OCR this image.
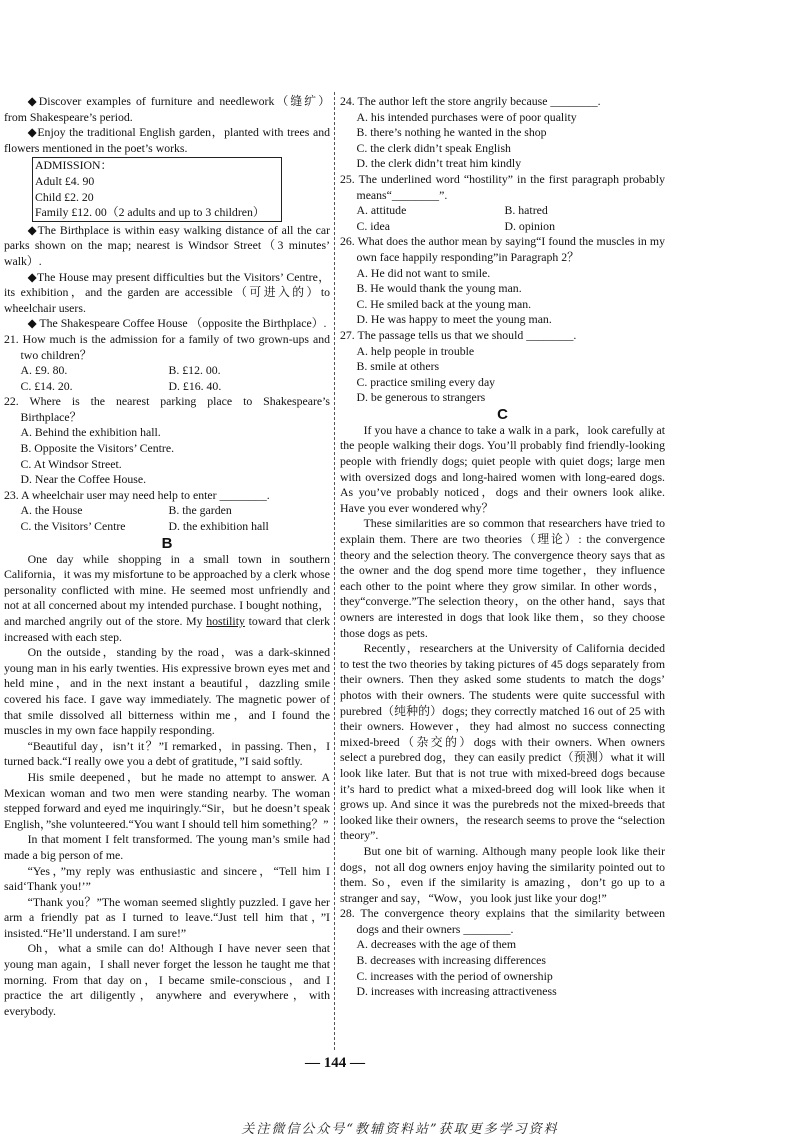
◆Discover examples of furniture and needlework（缝纩）from Shakespeare’s period.

◆Enjoy the traditional English garden，planted with trees and flowers mentioned in the poet’s works.

ADMISSION：
Adult £4. 90
Child £2. 20
Family £12. 00（2 adults and up to 3 children）

◆The Birthplace is within easy walking distance of all the car parks shown on the map; nearest is Windsor Street（3 minutes’ walk）.

◆The House may present difficulties but the Visitors’ Centre，its exhibition，and the garden are accessible（可进入的）to wheelchair users.

◆ The Shakespeare Coffee House （opposite the Birthplace）.

21. How much is the admission for a family of two grown-ups and two children？

A. £9. 80.	B. £12. 00.
C. £14. 20.	D. £16. 40.

22. Where is the nearest parking place to Shakespeare’s Birthplace？

A. Behind the exhibition hall.

B. Opposite the Visitors’ Centre.

C. At Windsor Street.

D. Near the Coffee House.

23. A wheelchair user may need help to enter ________.

A. the House	B. the garden
C. the Visitors’ Centre	D. the exhibition hall
B

One day while shopping in a small town in southern California，it was my misfortune to be approached by a clerk whose personality conflicted with mine. He seemed most unfriendly and not at all concerned about my intended purchase. I bought nothing，and marched angrily out of the store. My hostility toward that clerk increased with each step.

On the outside，standing by the road，was a dark-skinned young man in his early twenties. His expressive brown eyes met and held mine，and in the next instant a beautiful，dazzling smile covered his face. I gave way immediately. The magnetic power of that smile dissolved all bitterness within me，and I found the muscles in my own face happily responding.

“Beautiful day，isn’t it？”I remarked，in passing. Then，I turned back.“I really owe you a debt of gratitude，”I said softly.

His smile deepened，but he made no attempt to answer. A Mexican woman and two men were standing nearby. The woman stepped forward and eyed me inquiringly.“Sir，but he doesn’t speak English，”she volunteered.“You want I should tell him something？”

In that moment I felt transformed. The young man’s smile had made a big person of me.

“Yes，”my reply was enthusiastic and sincere，“Tell him I said‘Thank you!’”

“Thank you？”The woman seemed slightly puzzled. I gave her arm a friendly pat as I turned to leave.“Just tell him that，”I insisted.“He’ll understand. I am sure!”

Oh，what a smile can do! Although I have never seen that young man again，I shall never forget the lesson he taught me that morning. From that day on，I became smile-conscious，and I practice the art diligently，anywhere and everywhere，with everybody.

24. The author left the store angrily because ________.

A. his intended purchases were of poor quality

B. there’s nothing he wanted in the shop

C. the clerk didn’t speak English

D. the clerk didn’t treat him kindly

25. The underlined word “hostility” in the first paragraph probably means“________”.

A. attitude	B. hatred
C. idea	D. opinion

26. What does the author mean by saying“I found the muscles in my own face happily responding”in Paragraph 2？

A. He did not want to smile.

B. He would thank the young man.

C. He smiled back at the young man.

D. He was happy to meet the young man.

27. The passage tells us that we should ________.

A. help people in trouble

B. smile at others

C. practice smiling every day

D. be generous to strangers

C

If you have a chance to take a walk in a park，look carefully at the people walking their dogs. You’ll probably find friendly-looking people with friendly dogs; quiet people with quiet dogs; large men with oversized dogs and long-haired women with long-eared dogs. As you’ve probably noticed，dogs and their owners look alike. Have you ever wondered why？

These similarities are so common that researchers have tried to explain them. There are two theories（理论）: the convergence theory and the selection theory. The convergence theory says that as the owner and the dog spend more time together，they influence each other to the point where they grow similar. In other words，they“converge.”The selection theory，on the other hand，says that owners are interested in dogs that look like them，so they choose those dogs as pets.

Recently，researchers at the University of California decided to test the two theories by taking pictures of 45 dogs separately from their owners. Then they asked some students to match the dogs’ photos with their owners. The students were quite successful with purebred（纯种的）dogs; they correctly matched 16 out of 25 with their owners. However，they had almost no success connecting mixed-breed（杂交的）dogs with their owners. When owners select a purebred dog，they can easily predict（预测）what it will look like later. But that is not true with mixed-breed dogs because it’s hard to predict what a mixed-breed dog will look like when it grows up. And since it was the purebreds not the mixed-breeds that looked like their owners，the research seems to prove the “selection theory”.

But one bit of warning. Although many people look like their dogs，not all dog owners enjoy having the similarity pointed out to them. So，even if the similarity is amazing，don’t go up to a stranger and say，“Wow，you look just like your dog!”

28. The convergence theory explains that the similarity between dogs and their owners ________.

A. decreases with the age of them

B. decreases with increasing differences

C. increases with the period of ownership

D. increases with increasing attractiveness

— 144 —
关注微信公众号“教辅资料站”获取更多学习资料
